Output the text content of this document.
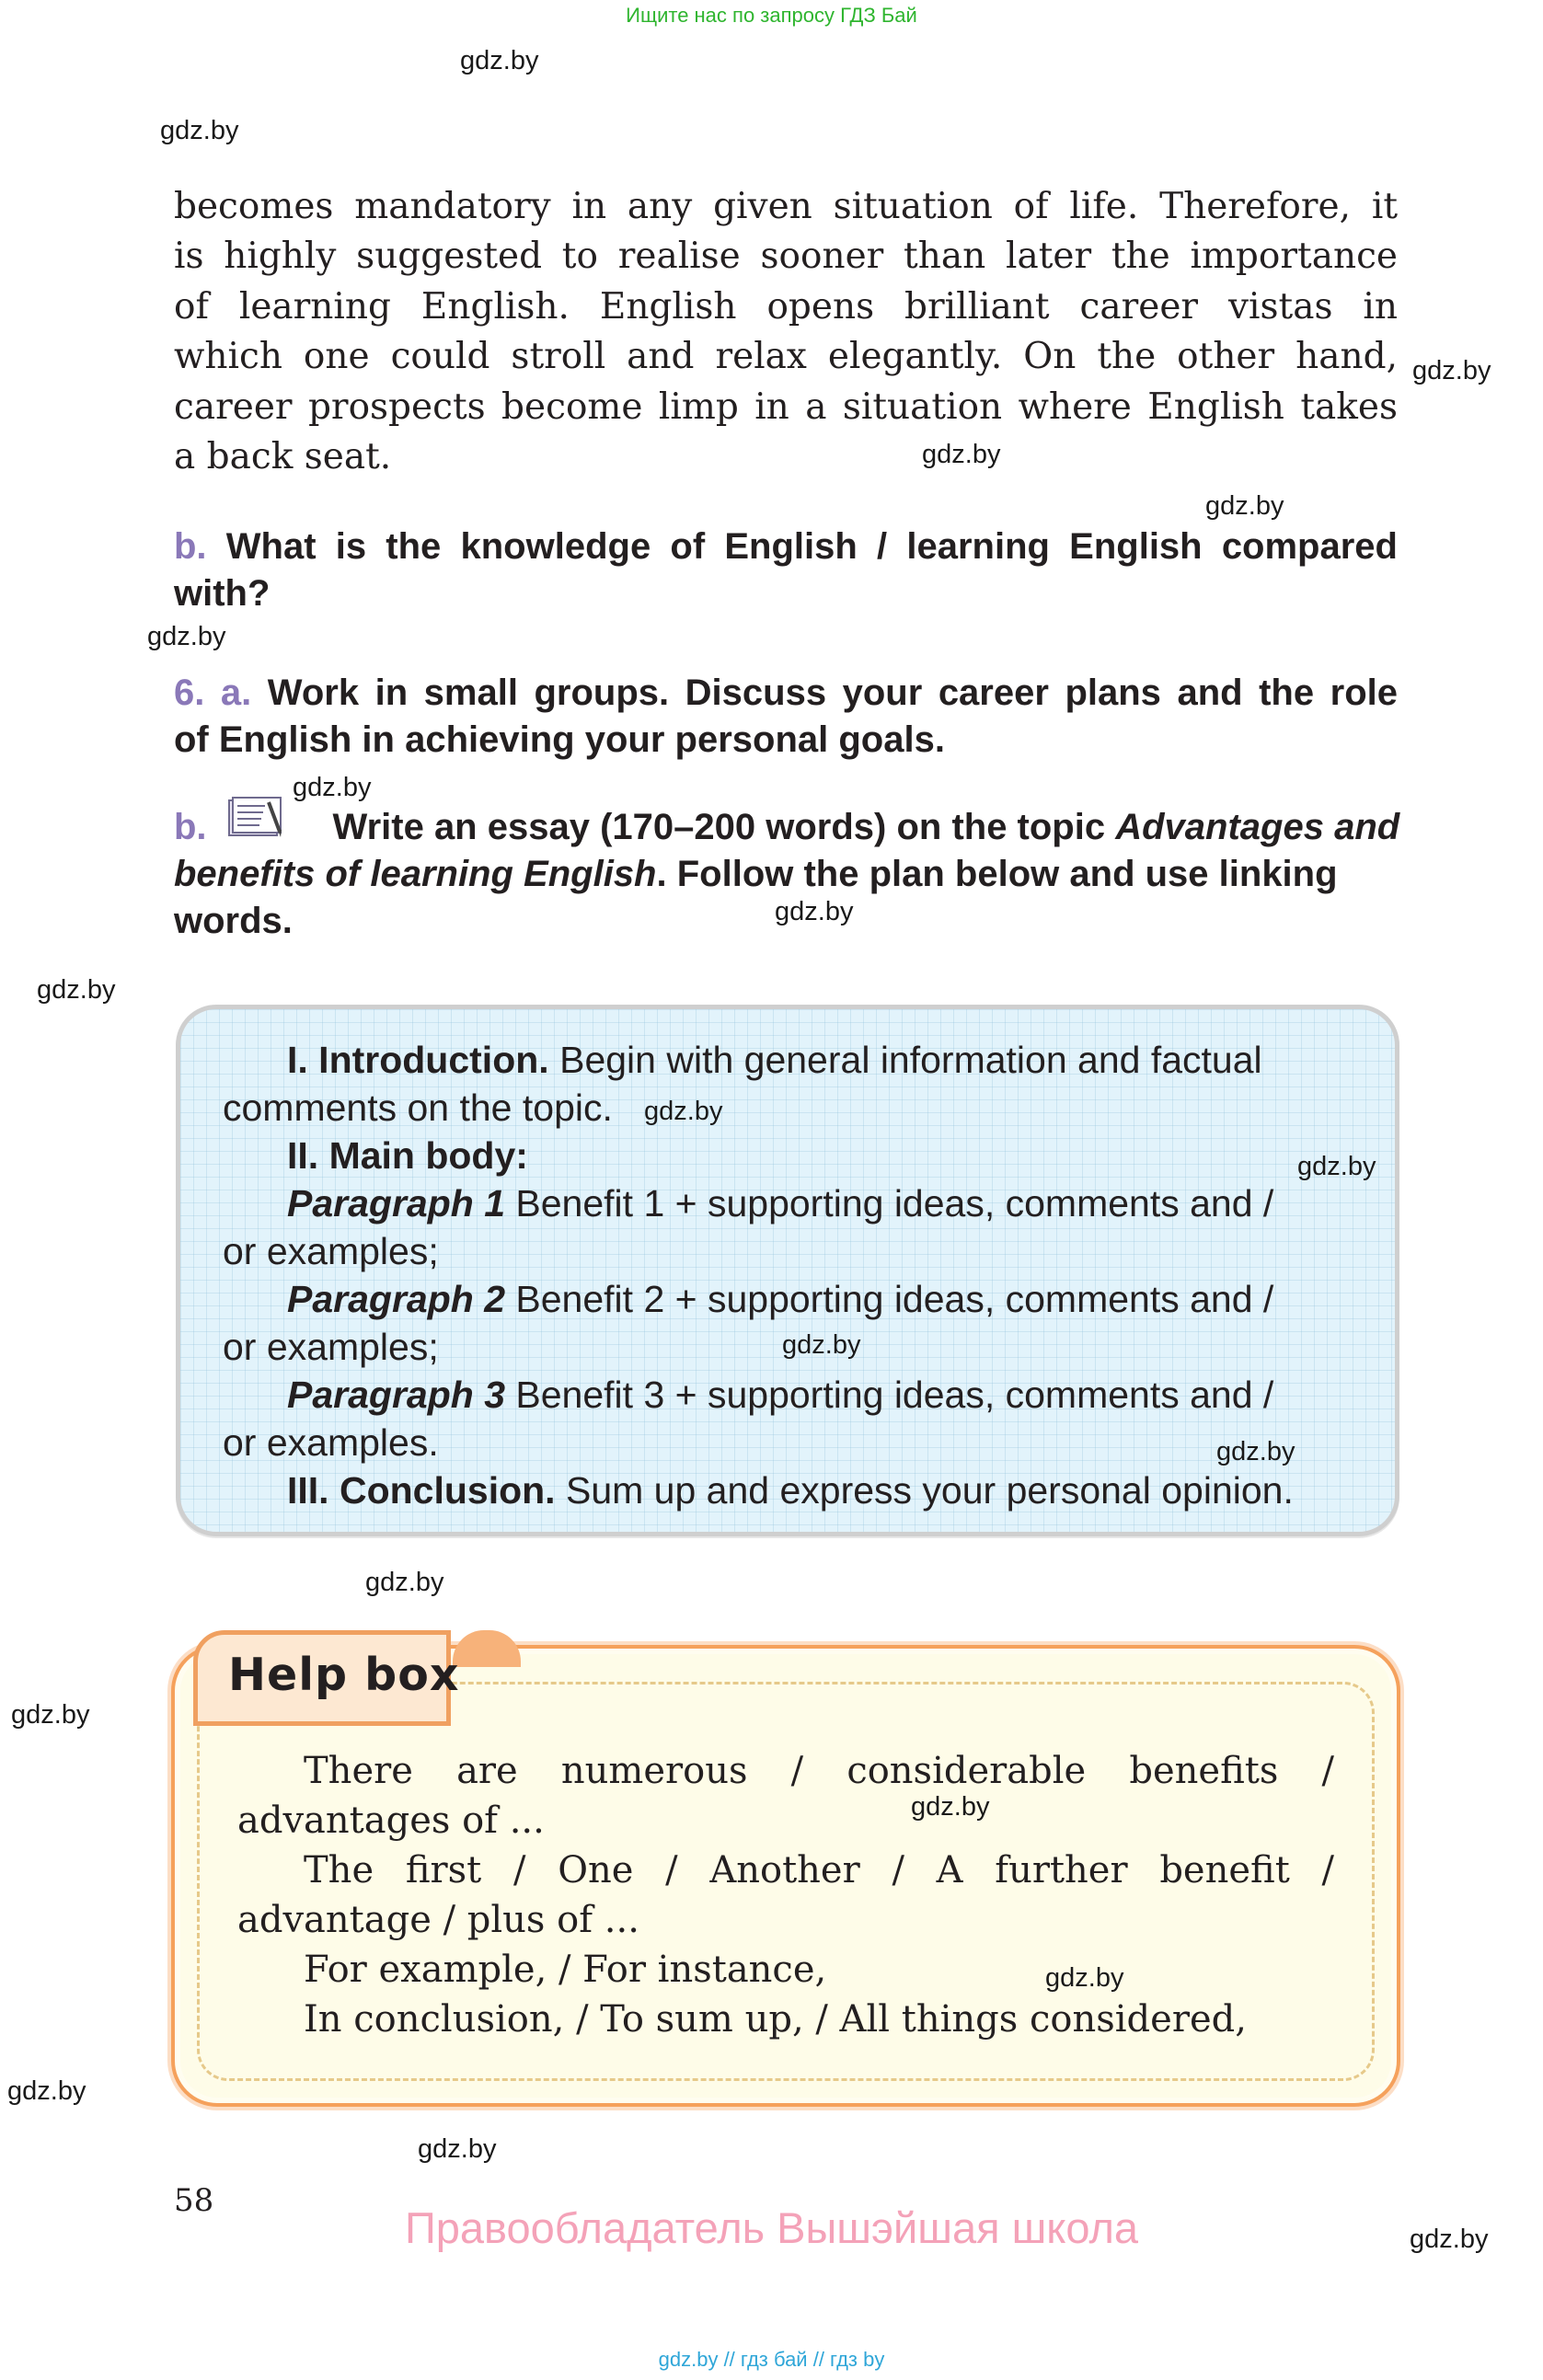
Ищите нас по запросу ГДЗ Бай
gdz.by
gdz.by
gdz.by
gdz.by
gdz.by
gdz.by
gdz.by
gdz.by
gdz.by
gdz.by
gdz.by
gdz.by
gdz.by
gdz.by
becomes mandatory in any given situation of life. Therefore, it
is highly suggested to realise sooner than later the importance
of learning English. English opens brilliant career vistas in
which one could stroll and relax elegantly. On the other hand,
career prospects become limp in a situation where English takes
a back seat.
b. What is the knowledge of English / learning English compared
with?
6. a. Work in small groups. Discuss your career plans and the role
of English in achieving your personal goals.
b.	Write an essay (170–200 words) on the topic Advantages and
benefits of learning English. Follow the plan below and use linking
words.
I. Introduction. Begin with general information and factual
comments on the topic.
II. Main body:
Paragraph 1 Benefit 1 + supporting ideas, comments and /
or examples;
Paragraph 2 Benefit 2 + supporting ideas, comments and /
or examples;
Paragraph 3 Benefit 3 + supporting ideas, comments and /
or examples.
III. Conclusion. Sum up and express your personal opinion.
gdz.by
gdz.by
gdz.by
gdz.by
Help box
There are numerous / considerable benefits /
advantages of ...
The first / One / Another / A further benefit /
advantage / plus of ...
For example, / For instance,
In conclusion, / To sum up, / All things considered,
gdz.by
gdz.by
58
Правообладатель Вышэйшая школа
gdz.by // гдз бай // гдз by
